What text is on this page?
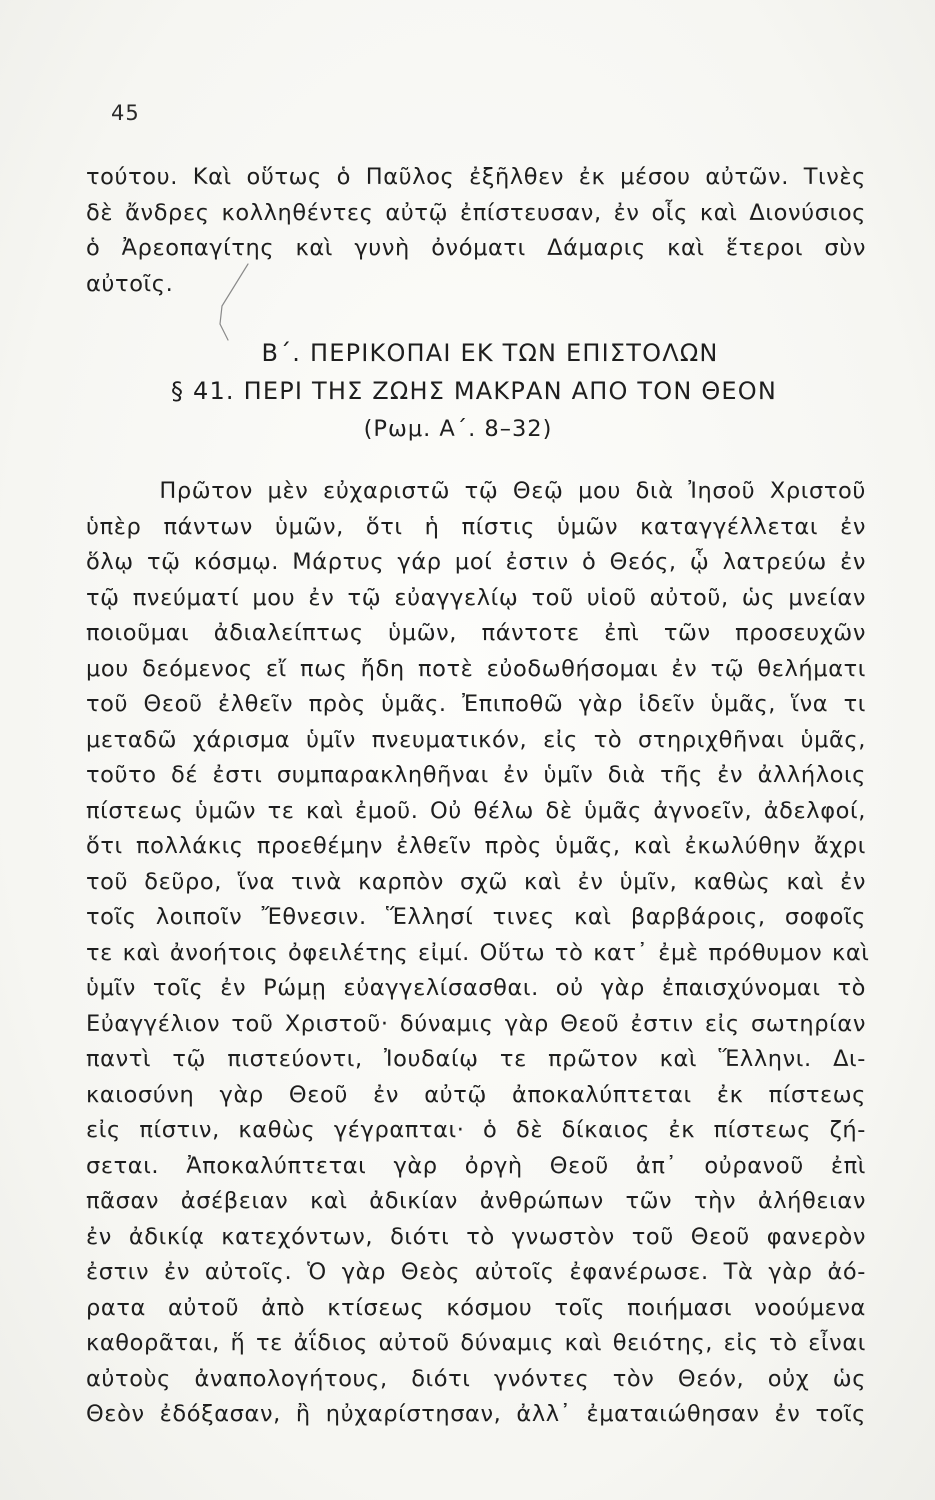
45
τούτου. Καὶ οὕτως ὁ Παῦλος ἐξῆλθεν ἐκ μέσου αὐτῶν. Τινὲς
δὲ ἄνδρες κολληθέντες αὐτῷ ἐπίστευσαν, ἐν οἷς καὶ Διονύσιος
ὁ Ἀρεοπαγίτης καὶ γυνὴ ὀνόματι Δάμαρις καὶ ἕτεροι σὺν
αὐτοῖς.
Β΄. ΠΕΡΙΚΟΠΑΙ ΕΚ ΤΩΝ ΕΠΙΣΤΟΛΩΝ
§ 41. ΠΕΡΙ ΤΗΣ ΖΩΗΣ ΜΑΚΡΑΝ ΑΠΟ ΤΟΝ ΘΕΟΝ
(Ρωμ. Α΄. 8–32)
Πρῶτον μὲν εὐχαριστῶ τῷ Θεῷ μου διὰ Ἰησοῦ Χριστοῦ
ὑπὲρ πάντων ὑμῶν, ὅτι ἡ πίστις ὑμῶν καταγγέλλεται ἐν
ὅλῳ τῷ κόσμῳ. Μάρτυς γάρ μοί ἐστιν ὁ Θεός, ᾧ λατρεύω ἐν
τῷ πνεύματί μου ἐν τῷ εὐαγγελίῳ τοῦ υἱοῦ αὐτοῦ, ὡς μνείαν
ποιοῦμαι ἀδιαλείπτως ὑμῶν, πάντοτε ἐπὶ τῶν προσευχῶν
μου δεόμενος εἴ πως ἤδη ποτὲ εὐοδωθήσομαι ἐν τῷ θελήματι
τοῦ Θεοῦ ἐλθεῖν πρὸς ὑμᾶς. Ἐπιποθῶ γὰρ ἰδεῖν ὑμᾶς, ἵνα τι
μεταδῶ χάρισμα ὑμῖν πνευματικόν, εἰς τὸ στηριχθῆναι ὑμᾶς,
τοῦτο δέ ἐστι συμπαρακληθῆναι ἐν ὑμῖν διὰ τῆς ἐν ἀλλήλοις
πίστεως ὑμῶν τε καὶ ἐμοῦ. Οὐ θέλω δὲ ὑμᾶς ἀγνοεῖν, ἀδελφοί,
ὅτι πολλάκις προεθέμην ἐλθεῖν πρὸς ὑμᾶς, καὶ ἐκωλύθην ἄχρι
τοῦ δεῦρο, ἵνα τινὰ καρπὸν σχῶ καὶ ἐν ὑμῖν, καθὼς καὶ ἐν
τοῖς λοιποῖν Ἔθνεσιν. Ἕλλησί τινες καὶ βαρβάροις, σοφοῖς
τε καὶ ἀνοήτοις ὀφειλέτης εἰμί. Οὕτω τὸ κατ᾽ ἐμὲ πρόθυμον καὶ
ὑμῖν τοῖς ἐν Ρώμῃ εὐαγγελίσασθαι. οὐ γὰρ ἐπαισχύνομαι τὸ
Εὐαγγέλιον τοῦ Χριστοῦ· δύναμις γὰρ Θεοῦ ἐστιν εἰς σωτηρίαν
παντὶ τῷ πιστεύοντι, Ἰουδαίῳ τε πρῶτον καὶ Ἕλληνι. Δι-
καιοσύνη γὰρ Θεοῦ ἐν αὐτῷ ἀποκαλύπτεται ἐκ πίστεως
εἰς πίστιν, καθὼς γέγραπται· ὁ δὲ δίκαιος ἐκ πίστεως ζή-
σεται. Ἀποκαλύπτεται γὰρ ὀργὴ Θεοῦ ἀπ᾽ οὐρανοῦ ἐπὶ
πᾶσαν ἀσέβειαν καὶ ἀδικίαν ἀνθρώπων τῶν τὴν ἀλήθειαν
ἐν ἀδικίᾳ κατεχόντων, διότι τὸ γνωστὸν τοῦ Θεοῦ φανερὸν
ἐστιν ἐν αὐτοῖς. Ὁ γὰρ Θεὸς αὐτοῖς ἐφανέρωσε. Τὰ γὰρ ἀό-
ρατα αὐτοῦ ἀπὸ κτίσεως κόσμου τοῖς ποιήμασι νοούμενα
καθορᾶται, ἥ τε ἀΐδιος αὐτοῦ δύναμις καὶ θειότης, εἰς τὸ εἶναι
αὐτοὺς ἀναπολογήτους, διότι γνόντες τὸν Θεόν, οὐχ ὡς
Θεὸν ἐδόξασαν, ἢ ηὐχαρίστησαν, ἀλλ᾽ ἐματαιώθησαν ἐν τοῖς
